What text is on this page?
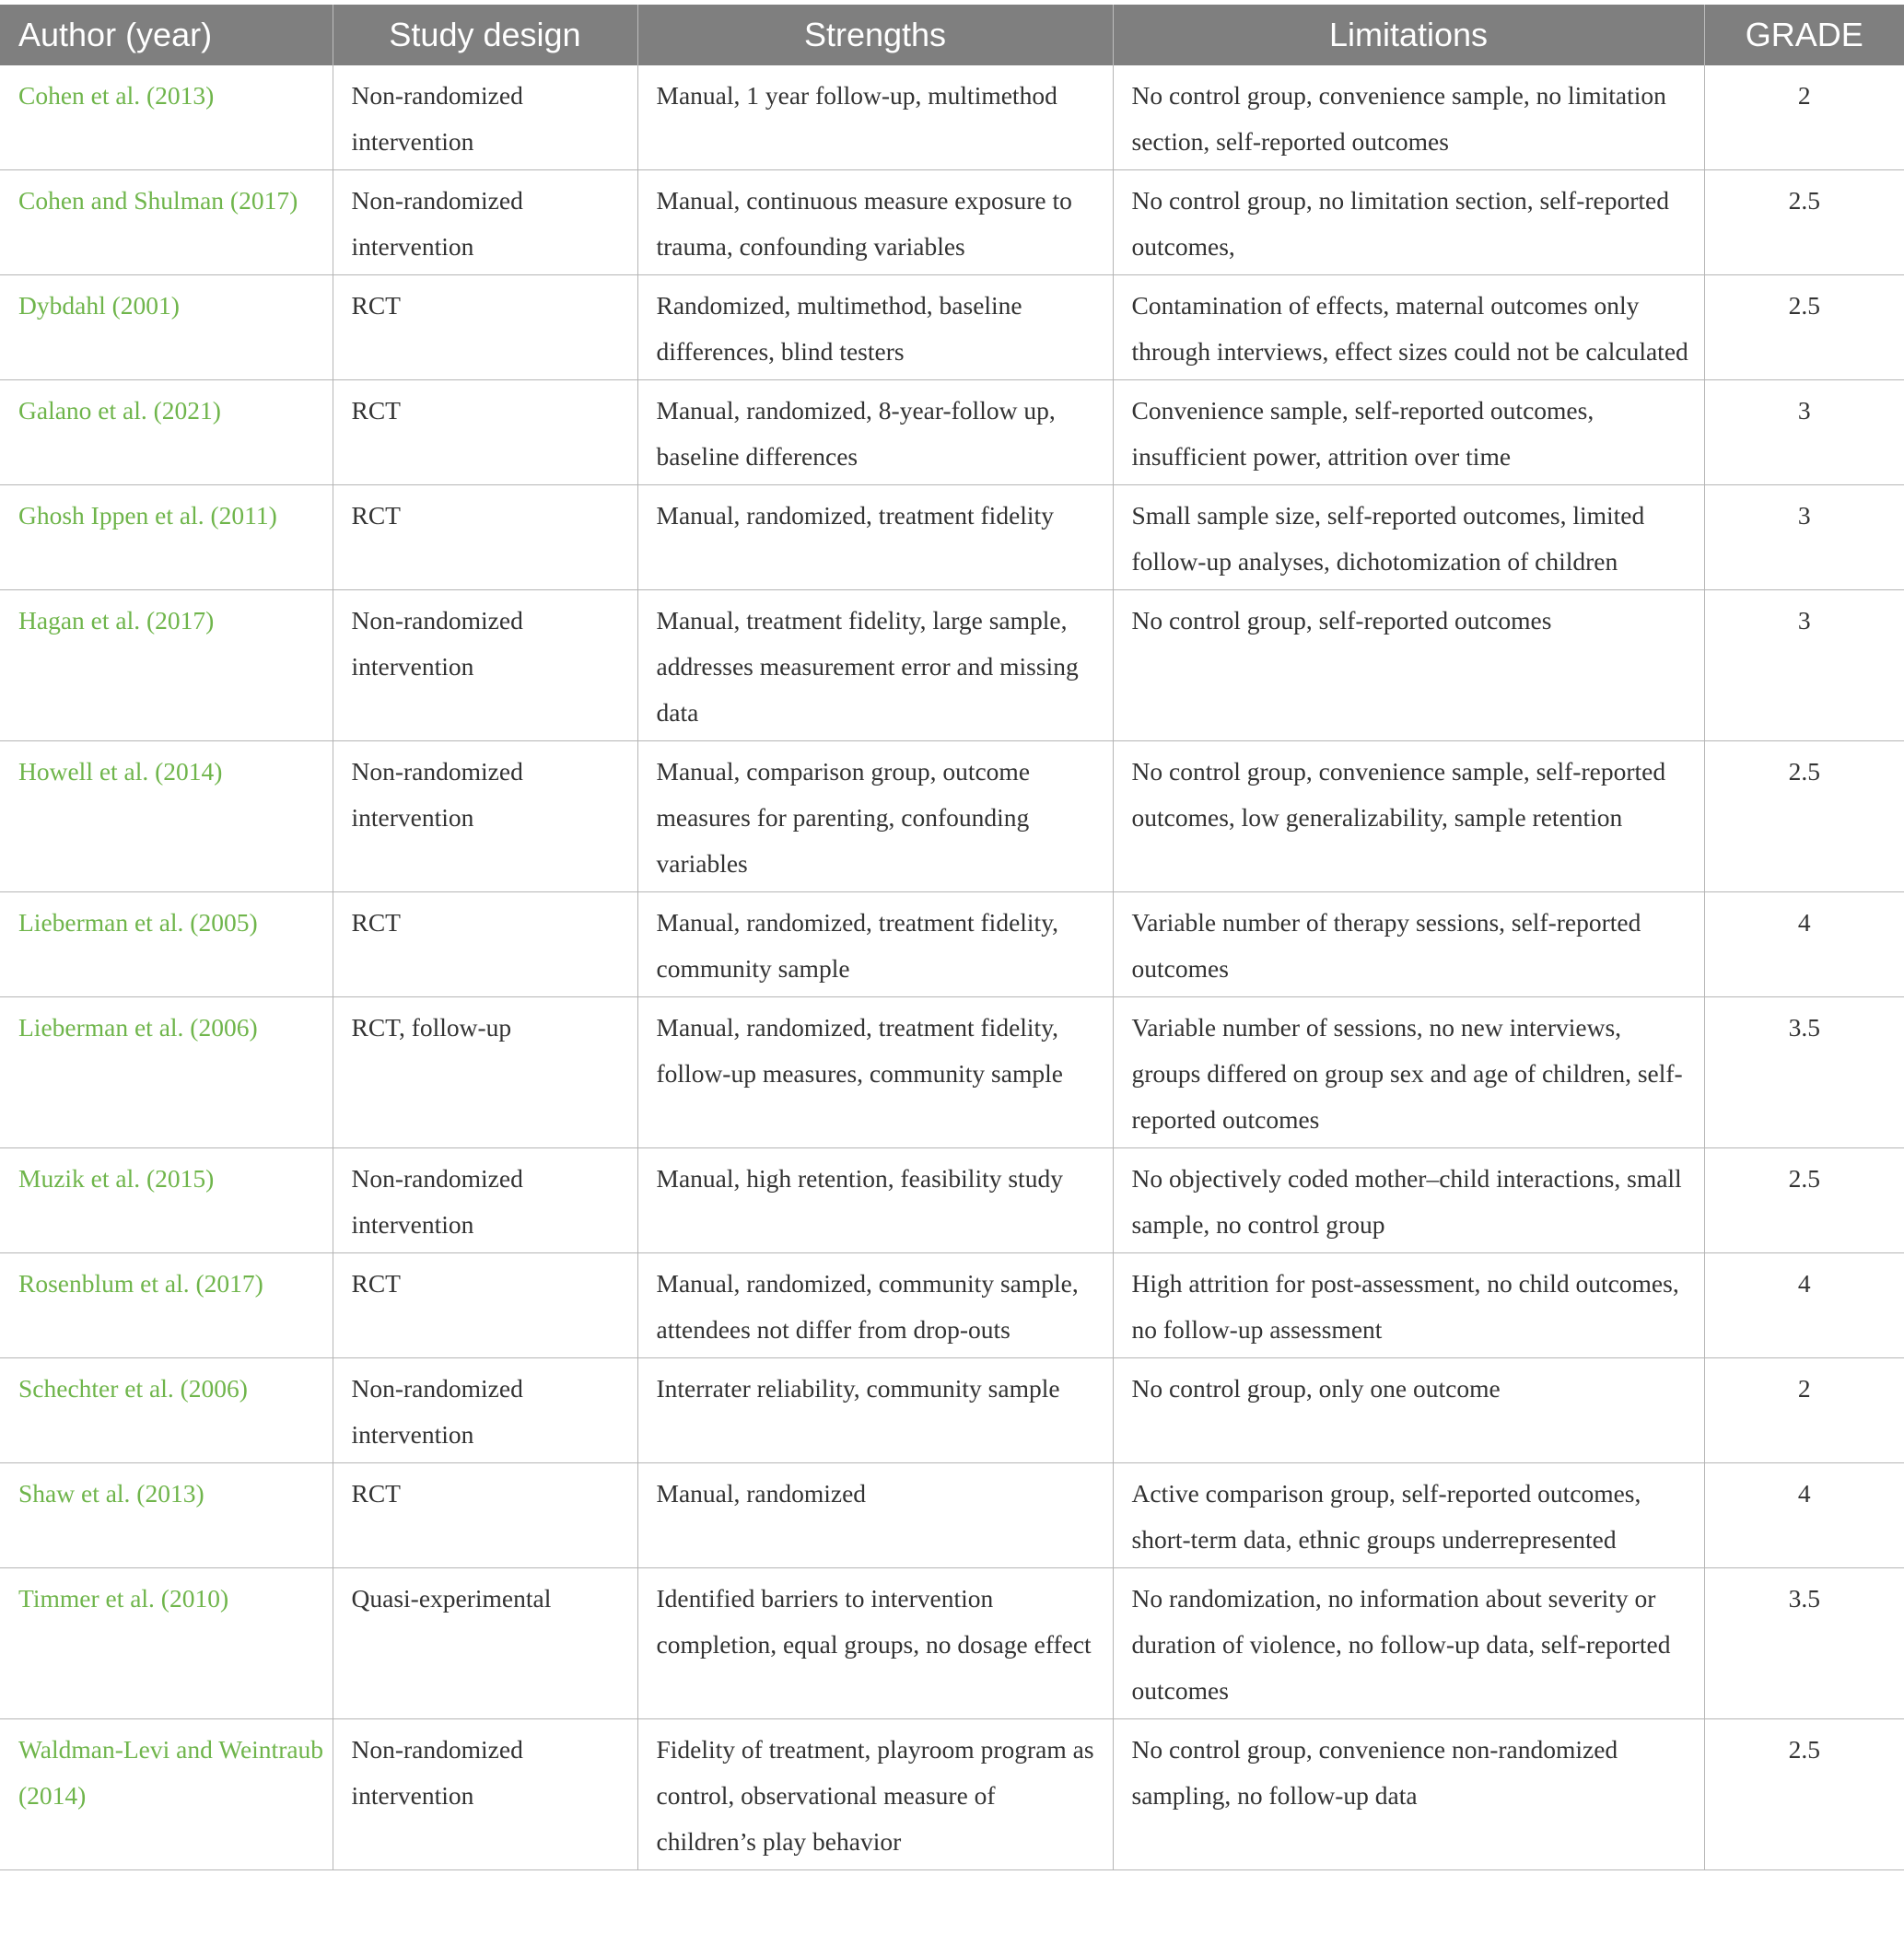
Author (year)	Study design	Strengths	Limitations	GRADE
Cohen et al. (2013)	Non-randomized intervention	Manual, 1 year follow-up, multimethod	No control group, convenience sample, no limitation section, self-reported outcomes	2
Cohen and Shulman (2017)	Non-randomized intervention	Manual, continuous measure exposure to trauma, confounding variables	No control group, no limitation section, self-reported outcomes,	2.5
Dybdahl (2001)	RCT	Randomized, multimethod, baseline differences, blind testers	Contamination of effects, maternal outcomes only through interviews, effect sizes could not be calculated	2.5
Galano et al. (2021)	RCT	Manual, randomized, 8-year-follow up, baseline differences	Convenience sample, self-reported outcomes, insufficient power, attrition over time	3
Ghosh Ippen et al. (2011)	RCT	Manual, randomized, treatment fidelity	Small sample size, self-reported outcomes, limited follow-up analyses, dichotomization of children	3
Hagan et al. (2017)	Non-randomized intervention	Manual, treatment fidelity, large sample, addresses measurement error and missing data	No control group, self-reported outcomes	3
Howell et al. (2014)	Non-randomized intervention	Manual, comparison group, outcome measures for parenting, confounding variables	No control group, convenience sample, self-reported outcomes, low generalizability, sample retention	2.5
Lieberman et al. (2005)	RCT	Manual, randomized, treatment fidelity, community sample	Variable number of therapy sessions, self-reported outcomes	4
Lieberman et al. (2006)	RCT, follow-up	Manual, randomized, treatment fidelity, follow-up measures, community sample	Variable number of sessions, no new interviews, groups differed on group sex and age of children, self-reported outcomes	3.5
Muzik et al. (2015)	Non-randomized intervention	Manual, high retention, feasibility study	No objectively coded mother–child interactions, small sample, no control group	2.5
Rosenblum et al. (2017)	RCT	Manual, randomized, community sample, attendees not differ from drop-outs	High attrition for post-assessment, no child outcomes, no follow-up assessment	4
Schechter et al. (2006)	Non-randomized intervention	Interrater reliability, community sample	No control group, only one outcome	2
Shaw et al. (2013)	RCT	Manual, randomized	Active comparison group, self-reported outcomes, short-term data, ethnic groups underrepresented	4
Timmer et al. (2010)	Quasi-experimental	Identified barriers to intervention completion, equal groups, no dosage effect	No randomization, no information about severity or duration of violence, no follow-up data, self-reported outcomes	3.5
Waldman-Levi and Weintraub (2014)	Non-randomized intervention	Fidelity of treatment, playroom program as control, observational measure of children’s play behavior	No control group, convenience non-randomized sampling, no follow-up data	2.5
